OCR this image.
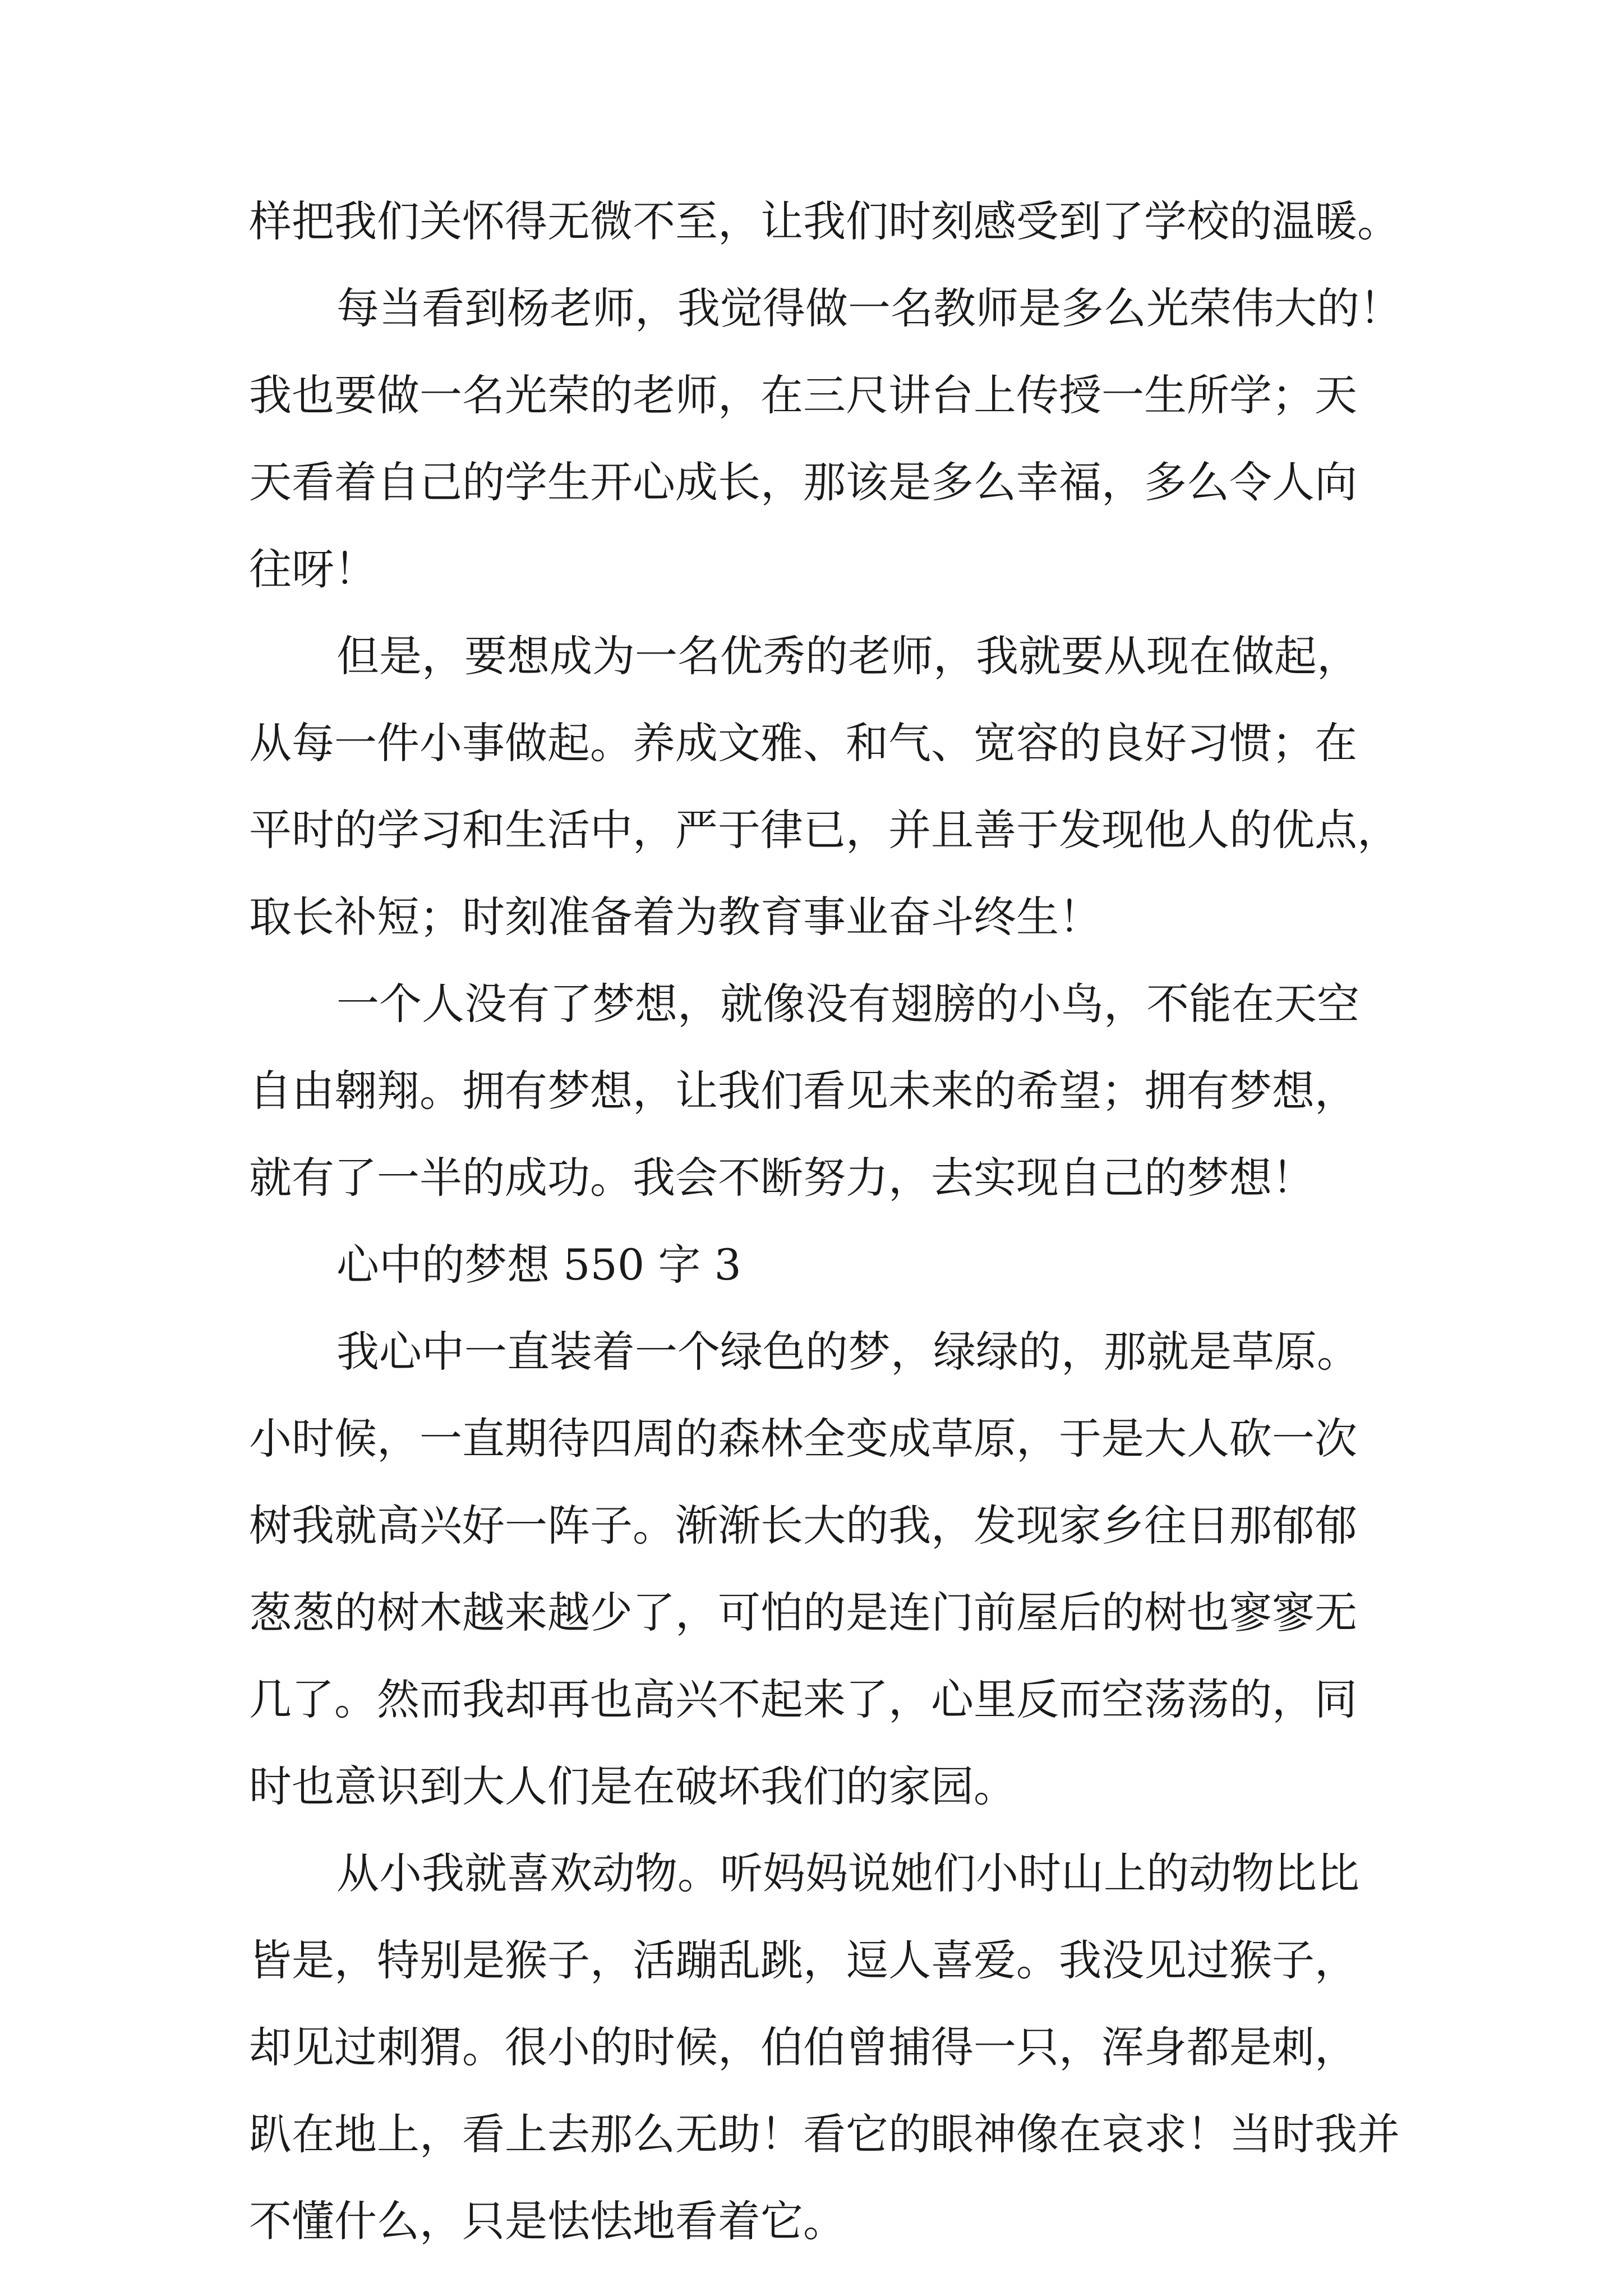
样把我们关怀得无微不至，让我们时刻感受到了学校的温暖。

每当看到杨老师，我觉得做一名教师是多么光荣伟大的！

我也要做一名光荣的老师，在三尺讲台上传授一生所学；天

天看着自己的学生开心成长，那该是多么幸福，多么令人向

往呀！

但是，要想成为一名优秀的老师，我就要从现在做起，

从每一件小事做起。养成文雅、和气、宽容的良好习惯；在

平时的学习和生活中，严于律已，并且善于发现他人的优点，

取长补短；时刻准备着为教育事业奋斗终生！

一个人没有了梦想，就像没有翅膀的小鸟，不能在天空

自由翱翔。拥有梦想，让我们看见未来的希望；拥有梦想，

就有了一半的成功。我会不断努力，去实现自己的梦想！

心中的梦想 550 字 3

我心中一直装着一个绿色的梦，绿绿的，那就是草原。

小时候，一直期待四周的森林全变成草原，于是大人砍一次

树我就高兴好一阵子。渐渐长大的我，发现家乡往日那郁郁

葱葱的树木越来越少了，可怕的是连门前屋后的树也寥寥无

几了。然而我却再也高兴不起来了，心里反而空荡荡的，同

时也意识到大人们是在破坏我们的家园。

从小我就喜欢动物。听妈妈说她们小时山上的动物比比

皆是，特别是猴子，活蹦乱跳，逗人喜爱。我没见过猴子，

却见过刺猬。很小的时候，伯伯曾捕得一只，浑身都是刺，

趴在地上，看上去那么无助！看它的眼神像在哀求！当时我并

不懂什么，只是怯怯地看着它。
